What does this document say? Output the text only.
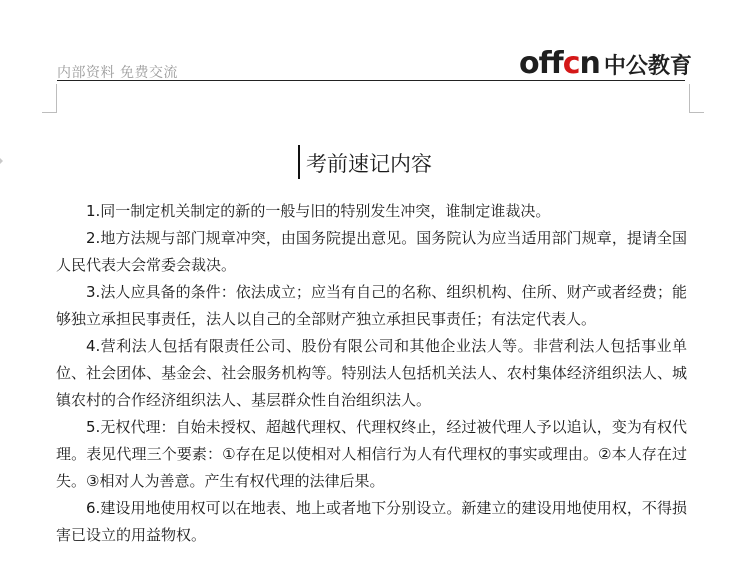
内部资料 免费交流	offcn 中公教育
考前速记内容

1.同一制定机关制定的新的一般与旧的特别发生冲突，谁制定谁裁决。

2.地方法规与部门规章冲突，由国务院提出意见。国务院认为应当适用部门规章，提请全国人民代表大会常委会裁决。

3.法人应具备的条件：依法成立；应当有自己的名称、组织机构、住所、财产或者经费；能够独立承担民事责任，法人以自己的全部财产独立承担民事责任；有法定代表人。

4.营利法人包括有限责任公司、股份有限公司和其他企业法人等。非营利法人包括事业单位、社会团体、基金会、社会服务机构等。特别法人包括机关法人、农村集体经济组织法人、城镇农村的合作经济组织法人、基层群众性自治组织法人。

5.无权代理：自始未授权、超越代理权、代理权终止，经过被代理人予以追认，变为有权代理。表见代理三个要素：①存在足以使相对人相信行为人有代理权的事实或理由。②本人存在过失。③相对人为善意。产生有权代理的法律后果。

6.建设用地使用权可以在地表、地上或者地下分别设立。新建立的建设用地使用权，不得损害已设立的用益物权。
